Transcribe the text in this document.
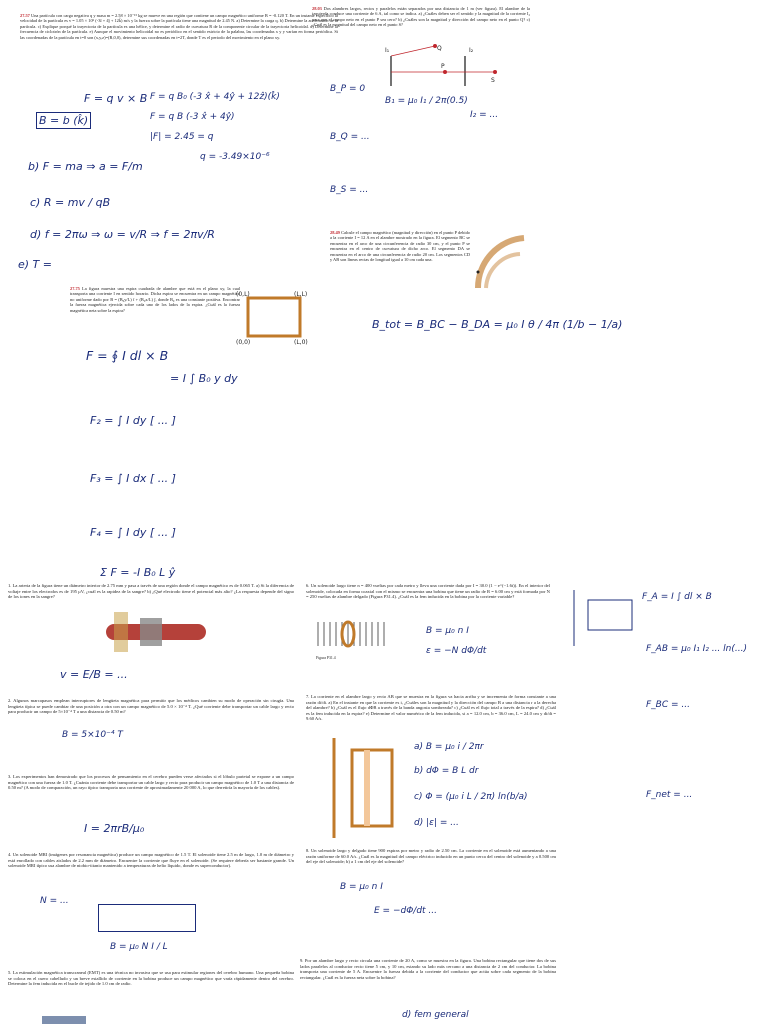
27.57 Una partícula con carga negativa q y masa m = 2.58 × 10⁻¹⁵ kg se mueve en una región que contiene un campo magnético uniforme B = -0.120 T. En un instante específico la velocidad de la partícula es v = 1.05 × 10⁶ (-3î + 4ĵ + 12k̂) m/s y la fuerza sobre la partícula tiene una magnitud de 2.45 N. a) Determine la carga q. b) Determine la aceleración de la partícula. c) Explique porqué la trayectoria de la partícula es una hélice, y determine el radio de curvatura R de la componente circular de la trayectoria helicoidal. d) Determine la frecuencia de ciclotrón de la partícula. e) Aunque el movimiento helicoidal no es periódico en el sentido estricto de la palabra, las coordenadas x y y varían en forma periódica. Si las coordenadas de la partícula en t=0 son (x,y,z)=(R,0,0), determine sus coordenadas en t=2T, donde T es el periodo del movimiento en el plano xy.
F = q v × B F = q B₀ (-3 x̂ + 4ŷ + 12ẑ)(k̂)
B = b (k̂)	F = q B (-3 x̂ + 4ŷ)
|F| = 2.45 = q
q = -3.49×10⁻⁶
b) F = ma ⇒ a = F/m
c) R = mv / qB
d) f = 2πω ⇒ ω = v/R ⇒ f = 2πv/R
e) T =
28.03 Dos alambres largos, rectos y paralelos están separados por una distancia de 1 m (ver figura). El alambre de la izquierda conduce una corriente de 6 A, tal como se indica. a) ¿Cuáles deben ser el sentido y la magnitud de la corriente I₂ para que el campo neto en el punto P sea cero? b) ¿Cuáles son la magnitud y dirección del campo neto en el punto Q? c) ¿Cuál es la magnitud del campo neto en el punto S?
I₁	I₂
P
Q
S
B_P = 0
B₁ = μ₀ I₁ / 2π(0.5)
I₂ = ...
B_Q = ...
B_S = ...
28.49 Calcule el campo magnético (magnitud y dirección) en el punto P debido a la corriente I = 12 A en el alambre mostrado en la figura. El segmento BC se encuentra en el arco de una circunferencia de radio 30 cm, y el punto P se encuentra en el centro de curvatura de dicho arco. El segmento DA se encuentra en el arco de una circunferencia de radio 20 cm. Los segmentos CD y AB son líneas rectas de longitud igual a 10 cm cada una.
B_tot = B_BC − B_DA = μ₀ I θ / 4π (1/b − 1/a)
27.75 La figura muestra una espira cuadrada de alambre que está en el plano xy, la cual transporta una corriente I en sentido horario. Dicha espira se encuentra en un campo magnético no uniforme dado por B = (B₀y/L) î + (B₀x/L) ĵ, donde B₀ es una constante positiva. Encontrar la fuerza magnética ejercida sobre cada uno de los lados de la espira. ¿Cuál es la fuerza magnética neta sobre la espira?
(0,L)	(L,L)
(0,0)	(L,0)
F = ∮ I dl × B
= I ∫ B₀ y dy
F₂ = ∫ I dy [ ... ]
F₃ = ∫ I dx [ ... ]
F₄ = ∫ I dy [ ... ]
Σ F = -I B₀ L ŷ
1. La arteria de la figura tiene un diámetro interior de 2.75 mm y pasa a través de una región donde el campo magnético es de 0.065 T. a) Si la diferencia de voltaje entre los electrodos es de 195 μV, ¿cuál es la rapidez de la sangre? b) ¿Qué electrodo tiene el potencial más alto? ¿La respuesta depende del signo de los iones en la sangre?
v = E/B = ...
2. Algunos marcapasos emplean interruptores de lengüeta magnética para permitir que los médicos cambien su modo de operación sin cirugía. Una lengüeta típica se puede cambiar de una posición a otra con un campo magnético de 5.0 × 10⁻⁴ T. ¿Qué corriente debe transportar un cable largo y recto para producir un campo de 5×10⁻⁴ T a una distancia de 0.50 m?
B = 5×10⁻⁴ T
3. Los experimentos han demostrado que los procesos de pensamiento en el cerebro pueden verse afectados si el lóbulo parietal se expone a un campo magnético con una fuerza de 1.0 T. ¿Cuánta corriente debe transportar un cable largo y recto para producir un campo magnético de 1.0 T a una distancia de 0.50 m? (A modo de comparación, un rayo típico transporta una corriente de aproximadamente 20 000 A, lo que derretiría la mayoría de los cables).
I = 2πrB/μ₀
4. Un solenoide MRI (imágenes por resonancia magnética) produce un campo magnético de 1.5 T. El solenoide tiene 2.5 m de largo, 1.0 m de diámetro y está enrollado con cables aislados de 2.2 mm de diámetro. Encuentre la corriente que fluye en el solenoide. (Se requiere debería ser bastante grande. Un solenoide MRI típico usa alambre de niobio-titanio mantenido a temperaturas de helio líquido, donde es superconductor).
N = ...
B = μ₀ N I / L
5. La estimulación magnética transcraneal (EMT) es una técnica no invasiva que se usa para estimular regiones del cerebro humano. Una pequeña bobina se coloca en el cuero cabelludo y un breve estallido de corriente en la bobina produce un campo magnético que varía rápidamente dentro del cerebro. Determine la fem inducida en el bucle de tejido de 1.0 cm de radio.
6. Un solenoide largo tiene n = 400 vueltas por cada metro y lleva una corriente dada por I = 30.0 (1 − e^(−1.6t)). En el interior del solenoide, colocada en forma coaxial con el mismo se encuentra una bobina que tiene un radio de R = 6.00 cm y está formada por N = 250 vueltas de alambre delgado (Figura P31.4). ¿Cuál es la fem inducida en la bobina por la corriente variable?
Figura P31.4
B = μ₀ n I
ε = −N dΦ/dt
7. La corriente en el alambre largo y recto AB que se muestra en la figura va hacia arriba y se incrementa de forma constante a una razón di/dt. a) En el instante en que la corriente es i, ¿Cuáles son la magnitud y la dirección del campo B a una distancia r a la derecha del alambre? b) ¿Cuál es el flujo dΦB a través de la banda angosta sombreada? c) ¿Cuál es el flujo total a través de la espira? d) ¿Cuál es la fem inducida en la espira? e) Determine el valor numérico de la fem inducida, si a = 12.0 cm, b = 36.0 cm, L = 24.0 cm y di/dt = 9.60 A/s.
a) B = μ₀ i / 2πr
b) dΦ = B L dr
c) Φ = (μ₀ i L / 2π) ln(b/a)
d) |ε| = ...
8. Un solenoide largo y delgado tiene 900 espiras por metro y radio de 2.50 cm. La corriente en el solenoide está aumentando a una razón uniforme de 60.0 A/s. ¿Cuál es la magnitud del campo eléctrico inducido en un punto cerca del centro del solenoide y a 0.500 cm del eje del solenoide; b) a 1 cm del eje del solenoide?
B = μ₀ n I
E = −dΦ/dt ...
9. Por un alambre largo y recto circula una corriente de 20 A, como se muestra en la figura. Una bobina rectangular que tiene dos de sus lados paralelos al conductor recto tiene 5 cm, y 10 cm, estando su lado más cercano a una distancia de 2 cm del conductor. La bobina transporta una corriente de 5 A. Encuentre la fuerza debida a la corriente del conductor que actúa sobre cada segmento de la bobina rectangular. ¿Cuál es la fuerza neta sobre la bobina?
d) fem general
F_A = I ∫ dl × B
F_AB = μ₀ I₁ I₂ ... ln(...)
F_BC = ...
F_net = ...
